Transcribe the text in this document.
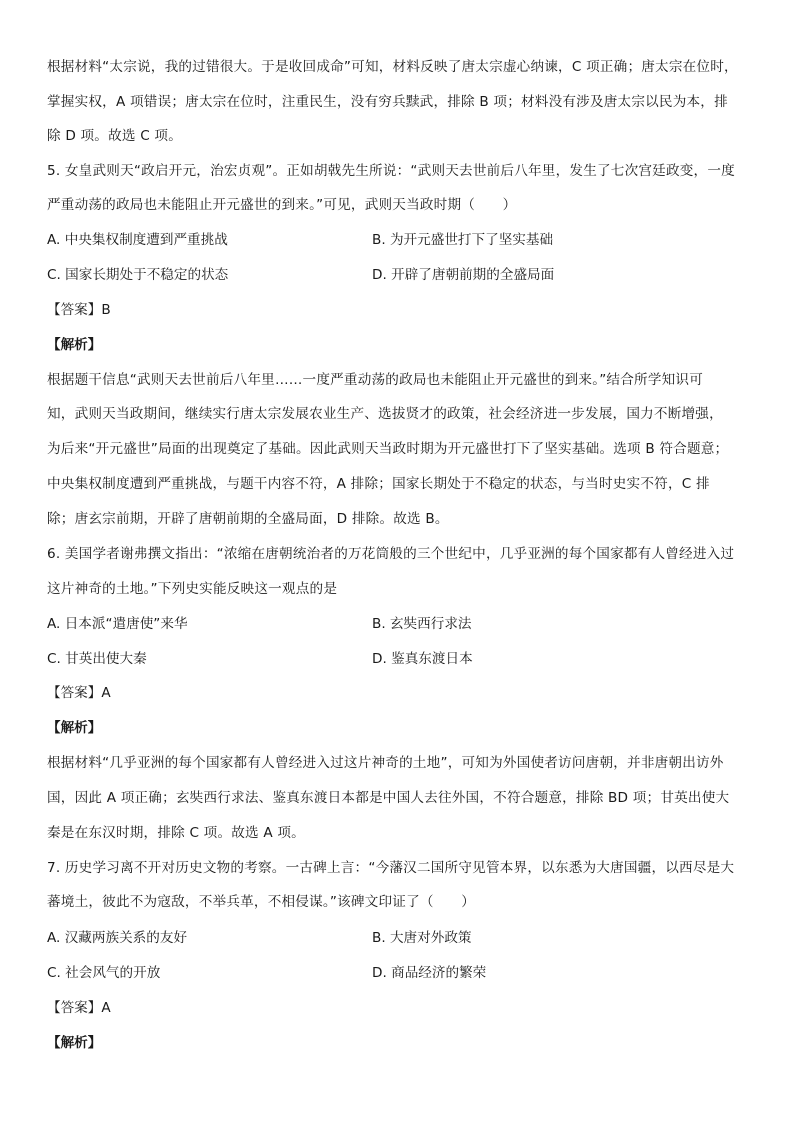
根据材料“太宗说，我的过错很大。于是收回成命”可知，材料反映了唐太宗虚心纳谏，C 项正确；唐太宗在位时，
掌握实权，A 项错误；唐太宗在位时，注重民生，没有穷兵黩武，排除 B 项；材料没有涉及唐太宗以民为本，排
除 D 项。故选 C 项。
5. 女皇武则天“政启开元，治宏贞观”。正如胡戟先生所说：“武则天去世前后八年里，发生了七次宫廷政变，一度
严重动荡的政局也未能阻止开元盛世的到来。”可见，武则天当政时期（　　）
A. 中央集权制度遭到严重挑战	B. 为开元盛世打下了坚实基础
C. 国家长期处于不稳定的状态	D. 开辟了唐朝前期的全盛局面
【答案】B
【解析】
根据题干信息“武则天去世前后八年里……一度严重动荡的政局也未能阻止开元盛世的到来。”结合所学知识可
知，武则天当政期间，继续实行唐太宗发展农业生产、选拔贤才的政策，社会经济进一步发展，国力不断增强，
为后来“开元盛世”局面的出现奠定了基础。因此武则天当政时期为开元盛世打下了坚实基础。选项 B 符合题意；
中央集权制度遭到严重挑战，与题干内容不符，A 排除；国家长期处于不稳定的状态，与当时史实不符，C 排
除；唐玄宗前期，开辟了唐朝前期的全盛局面，D 排除。故选 B。
6. 美国学者谢弗撰文指出：“浓缩在唐朝统治者的万花筒般的三个世纪中，几乎亚洲的每个国家都有人曾经进入过
这片神奇的土地。”下列史实能反映这一观点的是
A. 日本派“遣唐使”来华	B. 玄奘西行求法
C. 甘英出使大秦	D. 鉴真东渡日本
【答案】A
【解析】
根据材料“几乎亚洲的每个国家都有人曾经进入过这片神奇的土地”，可知为外国使者访问唐朝，并非唐朝出访外
国，因此 A 项正确；玄奘西行求法、鉴真东渡日本都是中国人去往外国，不符合题意，排除 BD 项；甘英出使大
秦是在东汉时期，排除 C 项。故选 A 项。
7. 历史学习离不开对历史文物的考察。一古碑上言：“今藩汉二国所守见管本界，以东悉为大唐国疆，以西尽是大
蕃境土，彼此不为寇敌，不举兵革，不相侵谋。”该碑文印证了（　　）
A. 汉藏两族关系的友好	B. 大唐对外政策
C. 社会风气的开放	D. 商品经济的繁荣
【答案】A
【解析】
